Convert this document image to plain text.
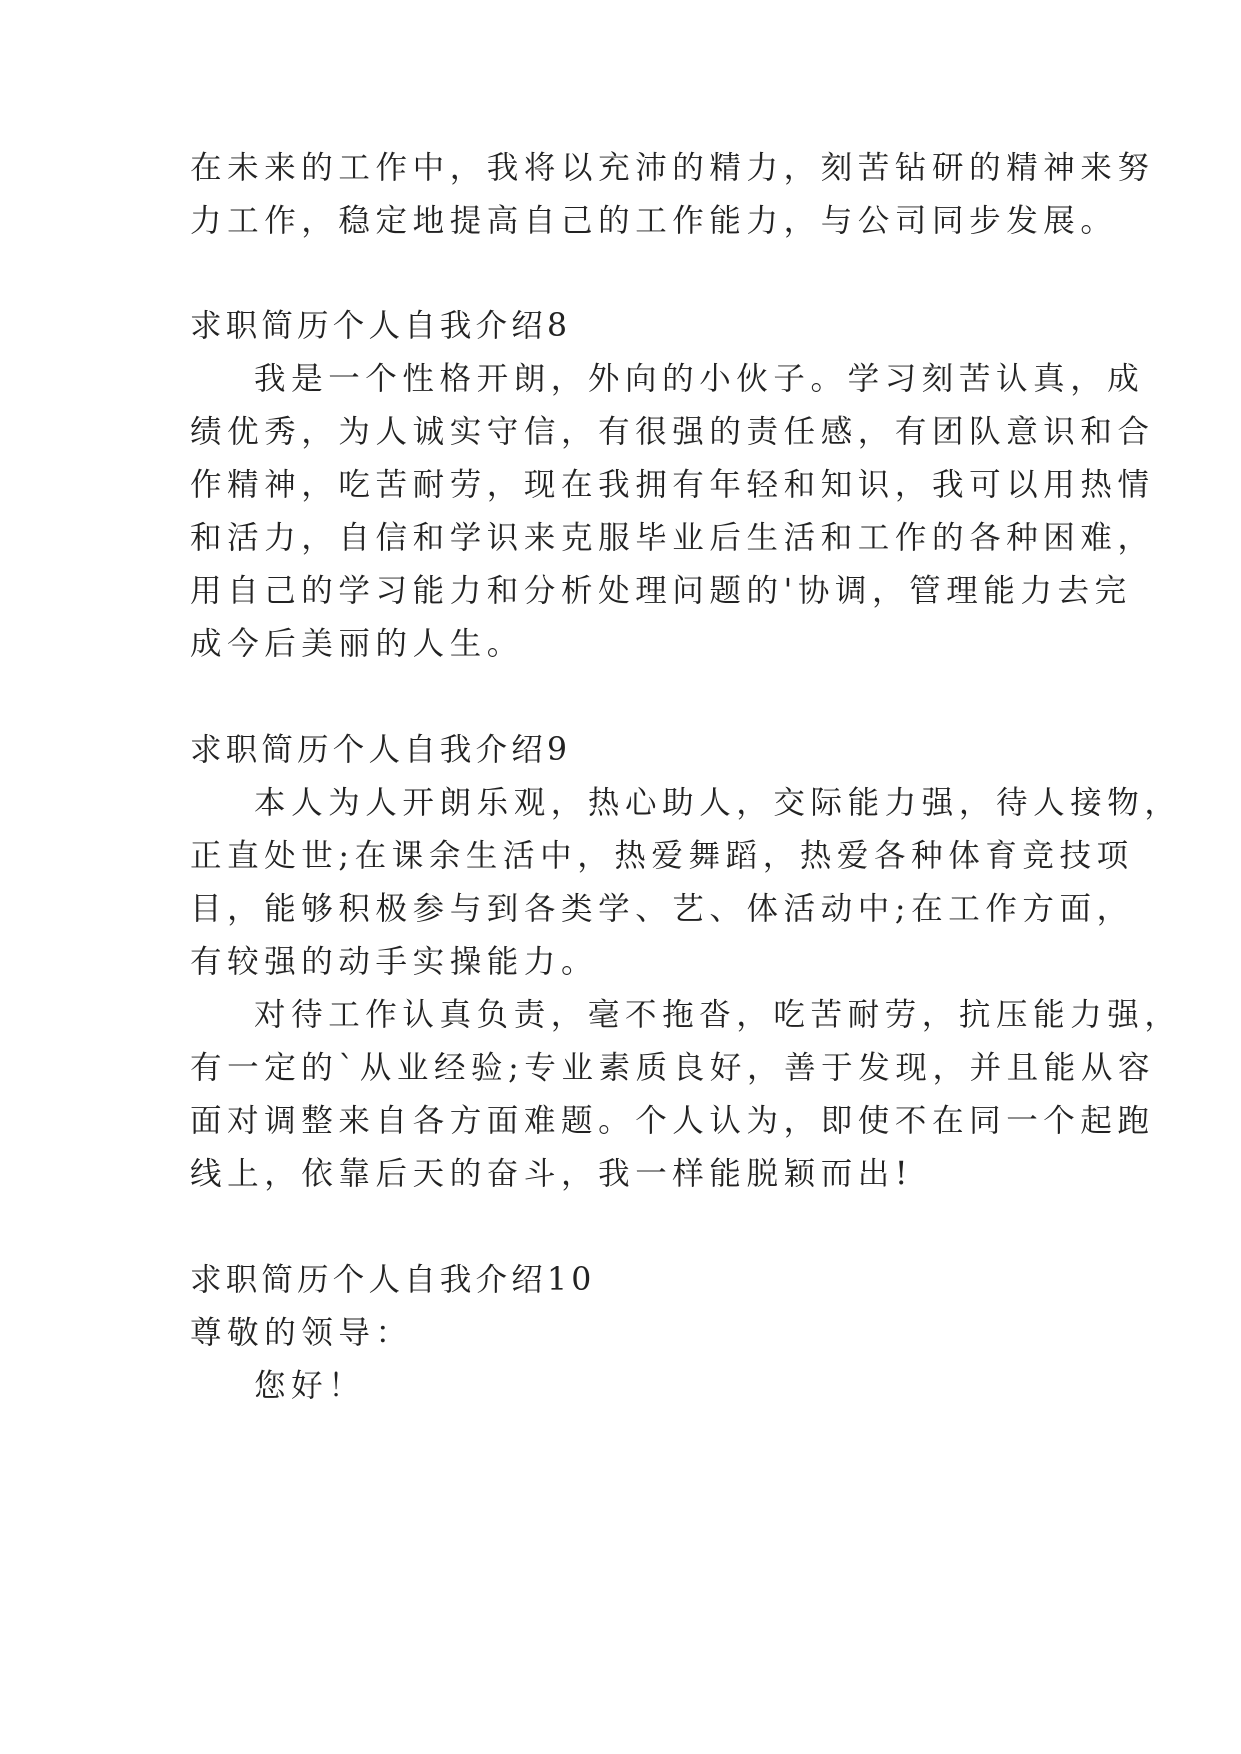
在未来的工作中，我将以充沛的精力，刻苦钻研的精神来努
力工作，稳定地提高自己的工作能力，与公司同步发展。
求职简历个人自我介绍8
我是一个性格开朗，外向的小伙子。学习刻苦认真，成
绩优秀，为人诚实守信，有很强的责任感，有团队意识和合
作精神，吃苦耐劳，现在我拥有年轻和知识，我可以用热情
和活力，自信和学识来克服毕业后生活和工作的各种困难，
用自己的学习能力和分析处理问题的'协调，管理能力去完
成今后美丽的人生。
求职简历个人自我介绍9
本人为人开朗乐观，热心助人，交际能力强，待人接物，
正直处世;在课余生活中，热爱舞蹈，热爱各种体育竞技项
目，能够积极参与到各类学、艺、体活动中;在工作方面，
有较强的动手实操能力。
对待工作认真负责，毫不拖沓，吃苦耐劳，抗压能力强，
有一定的`从业经验;专业素质良好，善于发现，并且能从容
面对调整来自各方面难题。个人认为，即使不在同一个起跑
线上，依靠后天的奋斗，我一样能脱颖而出!
求职简历个人自我介绍10
尊敬的领导：
您好！
